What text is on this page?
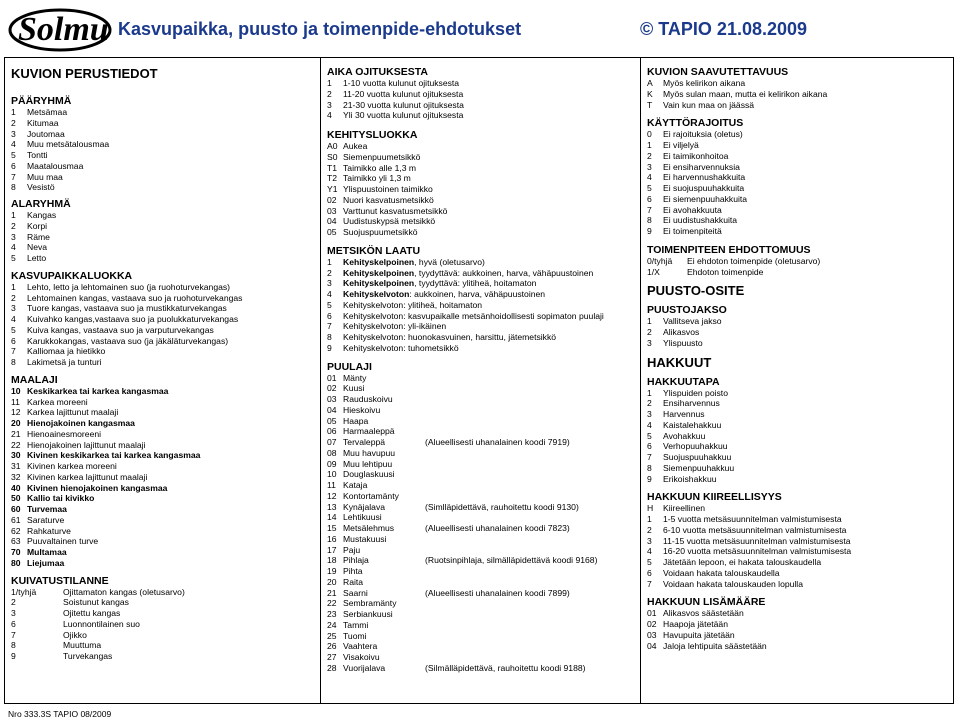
Solmu Kasvupaikka, puusto ja toimenpide-ehdotukset	© TAPIO 21.08.2009
KUVION PERUSTIEDOT
PÄÄRYHMÄ
1	Metsämaa
2	Kitumaa
3	Joutomaa
4	Muu metsätalousmaa
5	Tontti
6	Maatalousmaa
7	Muu maa
8	Vesistö
ALARYHMÄ
1	Kangas
2	Korpi
3	Räme
4	Neva
5	Letto
KASVUPAIKKALUOKKA
1	Lehto, letto ja lehtomainen suo (ja ruohoturvekangas)
2	Lehtomainen kangas, vastaava suo ja ruohoturvekangas
3	Tuore kangas, vastaava suo ja mustikkaturvekangas
4	Kuivahko kangas,vastaava suo ja puolukkaturvekangas
5	Kuiva kangas, vastaava suo ja varputurvekangas
6	Karukkokangas, vastaava suo (ja jäkäläturvekangas)
7	Kalliomaa ja hietikko
8	Lakimetsä ja tunturi
MAALAJI
10 Keskikarkea tai karkea kangasmaa
11 Karkea moreeni
12 Karkea lajittunut maalaji
20 Hienojakoinen kangasmaa
21 Hienoainesmoreeni
22 Hienojakoinen lajittunut maalaji
30 Kivinen keskikarkea tai karkea kangasmaa
31 Kivinen karkea moreeni
32 Kivinen karkea lajittunut maalaji
40 Kivinen hienojakoinen kangasmaa
50 Kallio tai kivikko
60 Turvemaa
61 Saraturve
62 Rahkaturve
63 Puuvaltainen turve
70 Multamaa
80 Liejumaa
KUIVATUSTILANNE
1/tyhjä	Ojittamaton kangas (oletusarvo)
2	Soistunut kangas
3	Ojitettu kangas
6	Luonnontilainen suo
7	Ojikko
8	Muuttuma
9	Turvekangas
AIKA OJITUKSESTA
1	1-10 vuotta kulunut ojituksesta
2	11-20 vuotta kulunut ojituksesta
3	21-30 vuotta kulunut ojituksesta
4	Yli 30 vuotta kulunut ojituksesta
KEHITYSLUOKKA
A0 Aukea
S0 Siemenpuumetsikkö
T1 Taimikko alle 1,3 m
T2 Taimikko yli 1,3 m
Y1 Ylispuustoinen taimikko
02 Nuori kasvatusmetsikkö
03 Varttunut kasvatusmetsikkö
04 Uudistuskypsä metsikkö
05 Suojuspuumetsikkö
METSIKÖN LAATU
1	Kehityskelpoinen , hyvä (oletusarvo)
2	Kehityskelpoinen , tyydyttävä: aukkoinen, harva, vähäpuustoinen
3	Kehityskelpoinen , tyydyttävä: ylitiheä, hoitamaton
4	Kehityskelvoton : aukkoinen, harva, vähäpuustoinen
5	Kehityskelvoton: ylitiheä, hoitamaton
6	Kehityskelvoton: kasvupaikalle metsänhoidollisesti sopimaton puulaji
7	Kehityskelvoton: yli-ikäinen
8	Kehityskelvoton: huonokasvuinen, harsittu, jätemetsikkö
9	Kehityskelvoton: tuhometsikkö
PUULAJI
01 Mänty
02 Kuusi
03 Rauduskoivu
04 Hieskoivu
05 Haapa
06 Harmaaleppä
07 Tervaleppä	(Alueellisesti uhanalainen koodi 7919)
08 Muu havupuu
09 Muu lehtipuu
10 Douglaskuusi
11 Kataja
12 Kontortamänty
13 Kynäjalava	(Simlläpidettävä, rauhoitettu koodi 9130)
14 Lehtikuusi
15 Metsälehmus	(Alueellisesti uhanalainen koodi 7823)
16 Mustakuusi
17 Paju
18 Pihlaja	(Ruotsinpihlaja, silmälläpidettävä koodi 9168)
19 Pihta
20 Raita
21 Saarni	(Alueellisesti uhanalainen koodi 7899)
22 Sembramänty
23 Serbiankuusi
24 Tammi
25 Tuomi
26 Vaahtera
27 Visakoivu
28 Vuorijalava	(Silmälläpidettävä, rauhoitettu koodi 9188)
KUVION SAAVUTETTAVUUS
A	Myös kelirikon aikana
K	Myös sulan maan, mutta ei kelirikon aikana
T	Vain kun maa on jäässä
KÄYTTÖRAJOITUS
0	Ei rajoituksia (oletus)
1	Ei viljelyä
2	Ei taimikonhoitoa
3	Ei ensiharvennuksia
4	Ei harvennushakkuita
5	Ei suojuspuuhakkuita
6	Ei siemenpuuhakkuita
7	Ei avohakkuuta
8	Ei uudistushakkuita
9	Ei toimenpiteitä
TOIMENPITEEN EHDOTTOMUUS
0/tyhjä	Ei ehdoton toimenpide (oletusarvo)
1/X	Ehdoton toimenpide
PUUSTO-OSITE
PUUSTOJAKSO
1	Vallitseva jakso
2	Alikasvos
3	Ylispuusto
HAKKUUT
HAKKUUTAPA
1	Ylispuiden poisto
2	Ensiharvennus
3	Harvennus
4	Kaistalehakkuu
5	Avohakkuu
6	Verhopuuhakkuu
7	Suojuspuuhakkuu
8	Siemenpuuhakkuu
9	Erikoishakkuu
HAKKUUN KIIREELLISYYS
H	Kiireellinen
1	1-5 vuotta metsäsuunnitelman valmistumisesta
2	6-10 vuotta metsäsuunnitelman valmistumisesta
3	11-15 vuotta metsäsuunnitelman valmistumisesta
4	16-20 vuotta metsäsuunnitelman valmistumisesta
5	Jätetään lepoon, ei hakata talouskaudella
6	Voidaan hakata talouskaudella
7	Voidaan hakata talouskauden lopulla
HAKKUUN LISÄMÄÄRE
01 Alikasvos säästetään
02 Haapoja jätetään
03 Havupuita jätetään
04 Jaloja lehtipuita säästetään
Nro 333.3S TAPIO 08/2009
